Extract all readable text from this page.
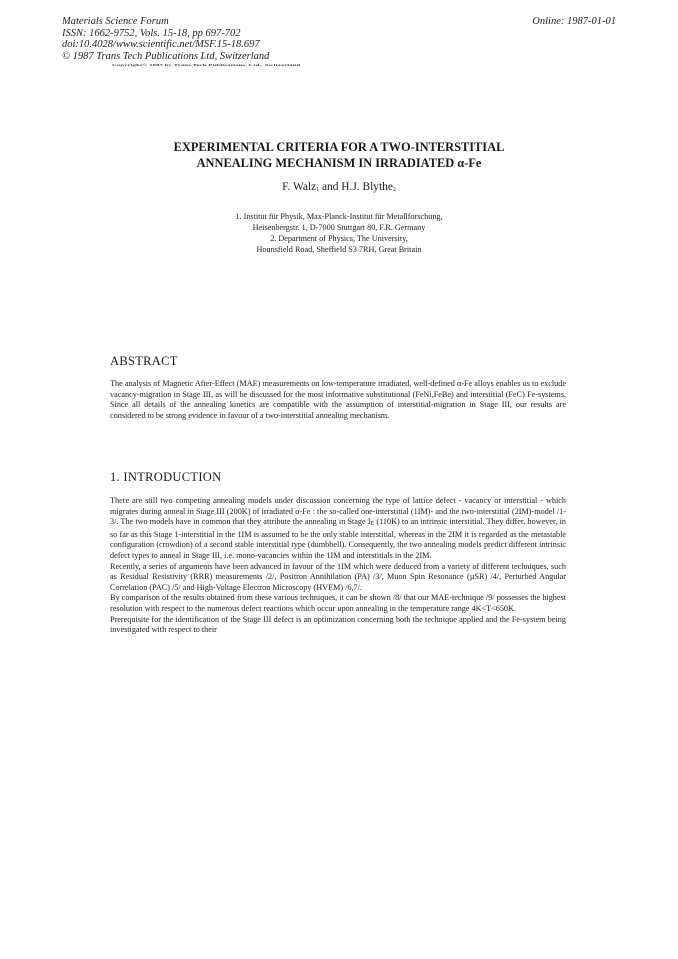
Materials Science Forum
ISSN: 1662-9752, Vols. 15-18, pp 697-702
doi:10.4028/www.scientific.net/MSF.15-18.697
© 1987 Trans Tech Publications Ltd, Switzerland
Online: 1987-01-01
Copyright© 1987 by Trans Tech Publications, Ltd., Switzerland
EXPERIMENTAL CRITERIA FOR A TWO-INTERSTITIAL
ANNEALING MECHANISM IN IRRADIATED α-Fe
F. Walz$^1$ and H.J. Blythe$^2$
1. Institut für Physik, Max-Planck-Institut für Metallforschung,
Heisenbergstr. 1, D-7000 Stuttgart 80, F.R. Germany
2. Department of Physics, The University,
Hounsfield Road, Sheffield S3 7RH, Great Britain
ABSTRACT
The analysis of Magnetic After-Effect (MAE) measurements on low-temperature irradiated, well-defined α-Fe alloys enables us to exclude vacancy-migration in Stage III, as will be discussed for the most informative substitutional (FeNi,FeBe) and interstitial (FeC) Fe-systems. Since all details of the annealing kinetics are compatible with the assumption of interstitial-migration in Stage III, our results are considered to be strong evidence in favour of a two-interstitial annealing mechanism.
1. INTRODUCTION

There are still two competing annealing models under discussion concerning the type of lattice defect - vacancy or interstitial - which migrates during anneal in Stage III (200K) of irradiated α-Fe : the so-called one-interstitial (1IM)- and the two-interstitial (2IM)-model /1-3/. The two models have in common that they attribute the annealing in Stage $I_E$ (110K) to an intrinsic interstitial. They differ, however, in so far as this Stage 1-interstitial in the 1IM is assumed to be the only stable interstitial, whereas in the 2IM it is regarded as the metastable configuration (crowdion) of a second stable interstitial type (dumbbell). Consequently, the two annealing models predict different intrinsic defect types to anneal in Stage III, i.e. mono-vacancies within the 1IM and interstitials in the 2IM.

Recently, a series of arguments have been advanced in favour of the 1IM which were deduced from a variety of different techniques, such as Residual Resistivity (RRR) measurements /2/, Positron Annihilation (PA) /3/, Muon Spin Resonance (µSR) /4/, Perturbed Angular Correlation (PAC) /5/ and High-Voltage Electron Microscopy (HVEM) /6,7/.

By comparison of the results obtained from these various techniques, it can be shown /8/ that our MAE-technique /9/ possesses the highest resolution with respect to the numerous defect reactions which occur upon annealing in the temperature range 4K<T<650K.

Prerequisite for the identification of the Stage III defect is an optimization concerning both the technique applied and the Fe-system being investigated with respect to their
